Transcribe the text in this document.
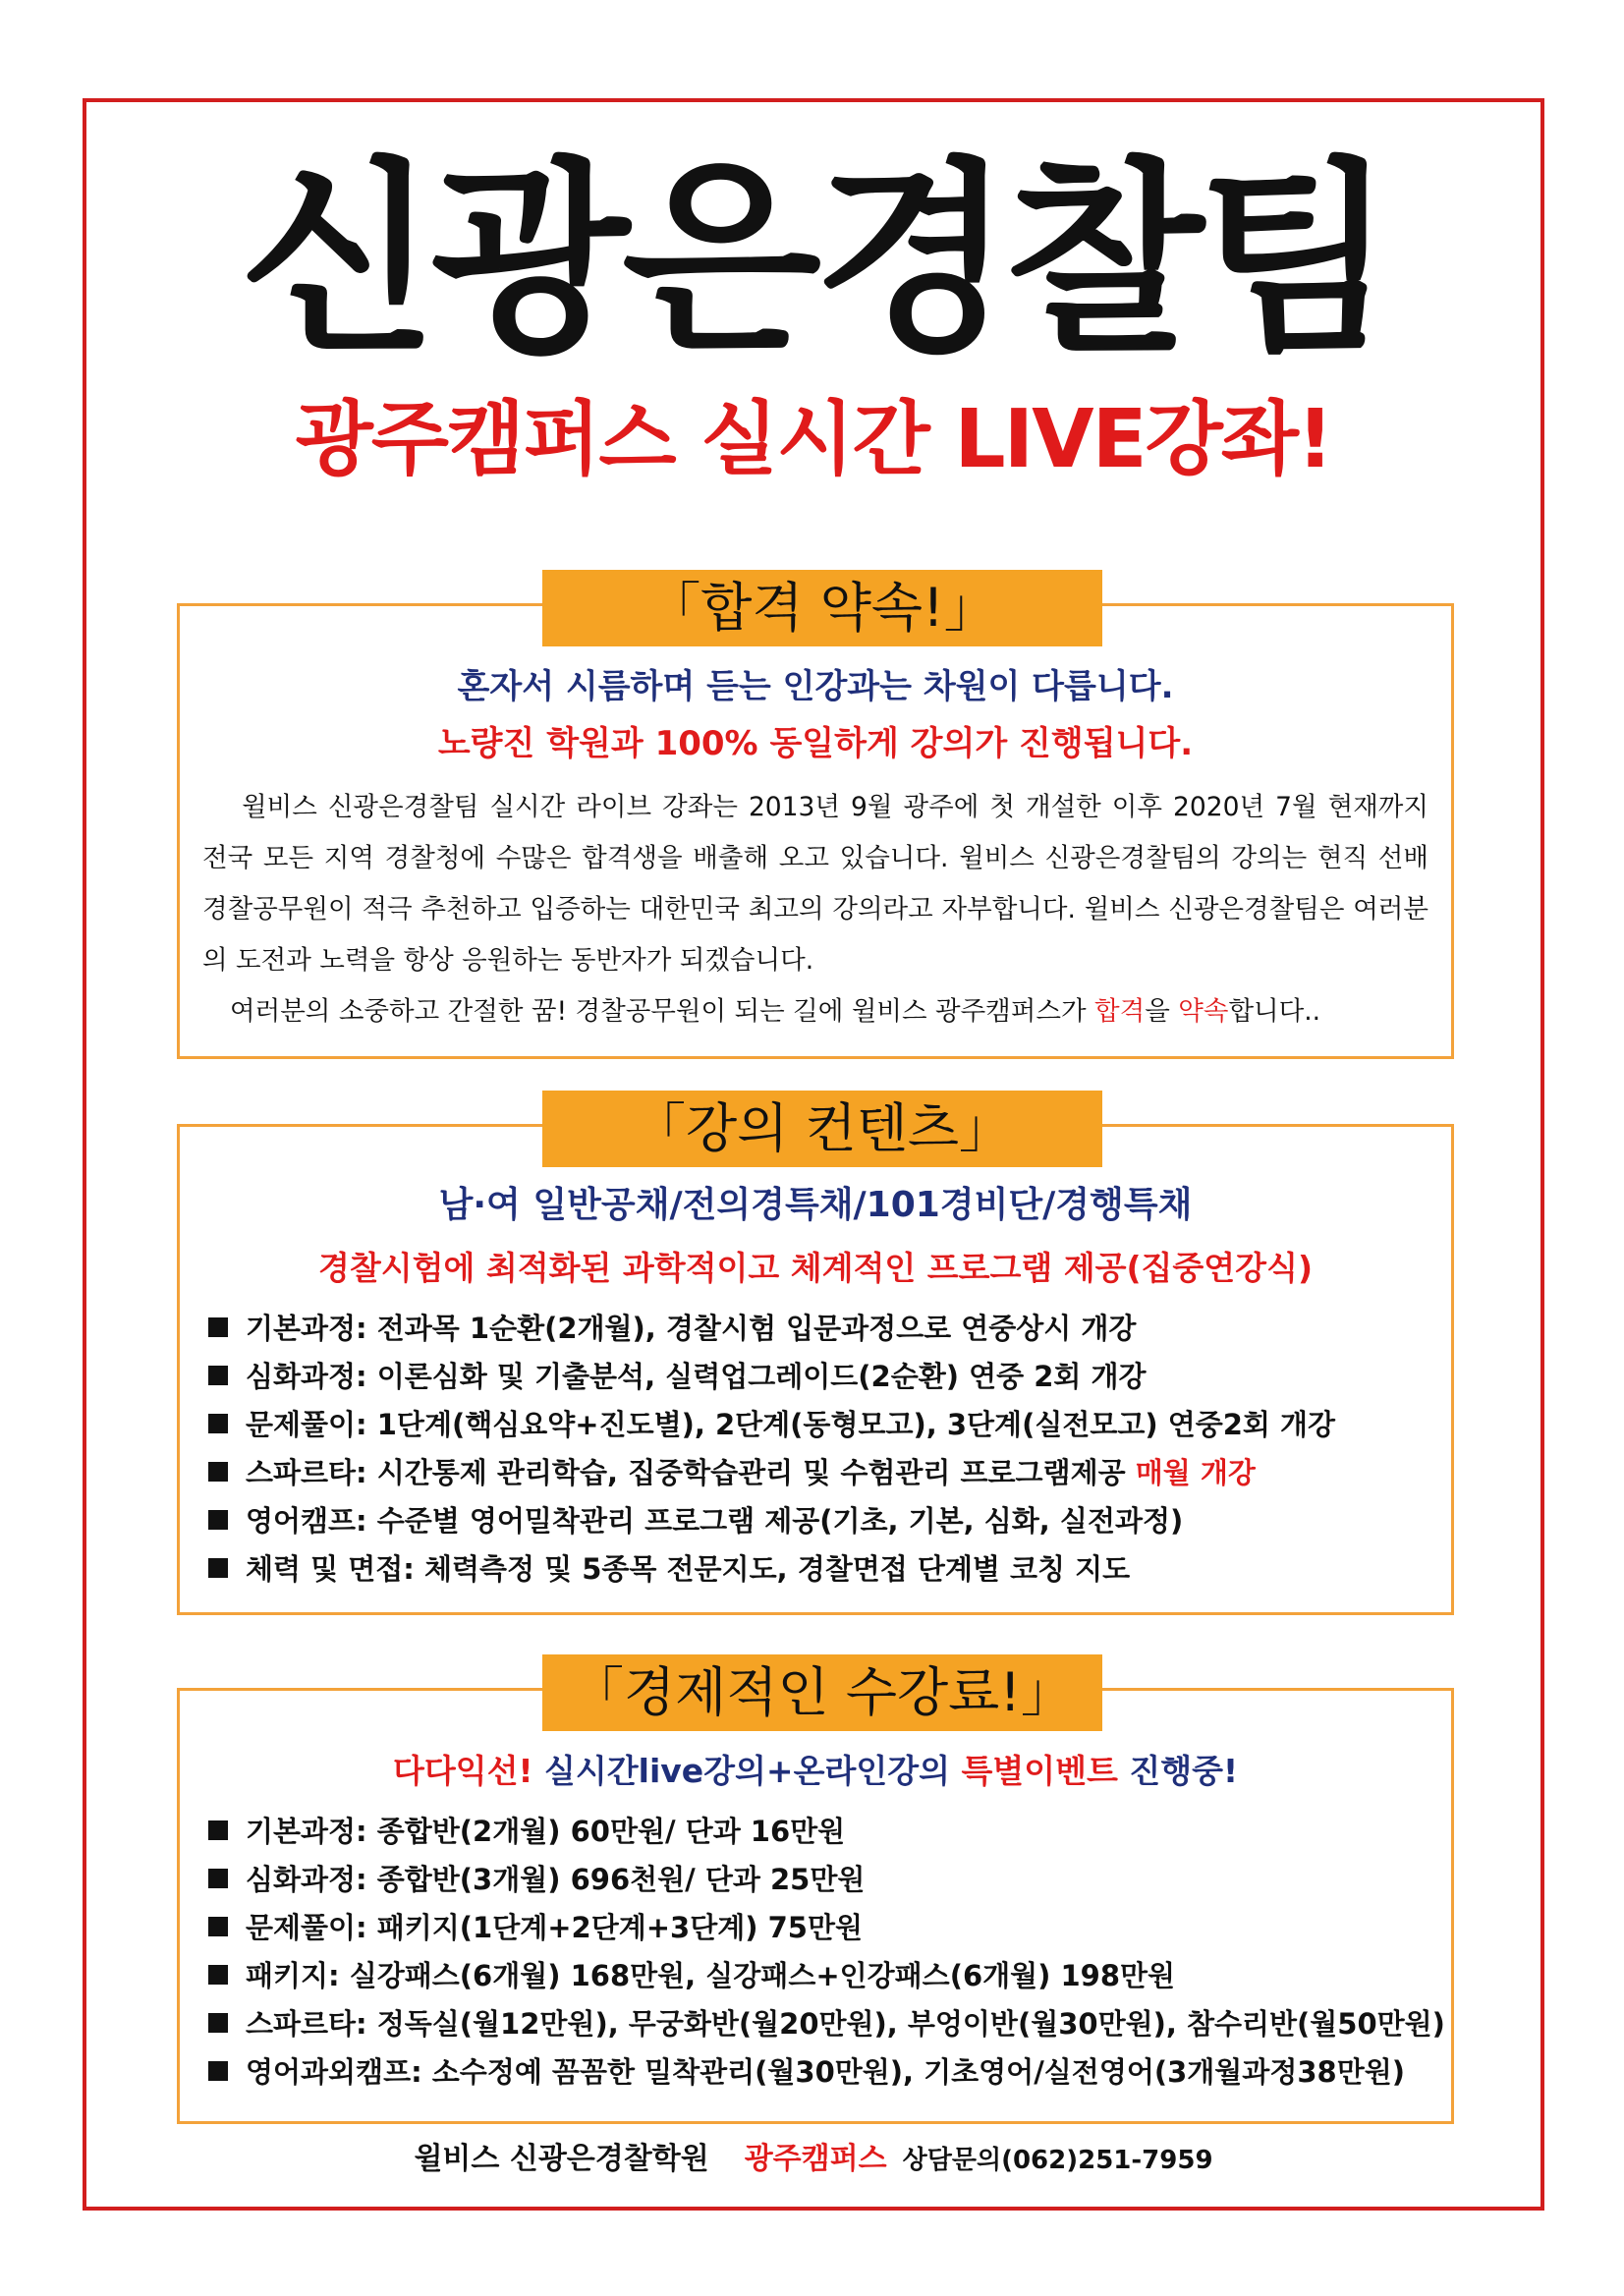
신광은경찰팀
광주캠퍼스 실시간 LIVE강좌!
「합격 약속!」

혼자서 시름하며 듣는 인강과는 차원이 다릅니다.

노량진 학원과 100% 동일하게 강의가 진행됩니다.

윌비스 신광은경찰팀 실시간 라이브 강좌는 2013년 9월 광주에 첫 개설한 이후 2020년 7월 현재까지 전국 모든 지역 경찰청에 수많은 합격생을 배출해 오고 있습니다. 윌비스 신광은경찰팀의 강의는 현직 선배 경찰공무원이 적극 추천하고 입증하는 대한민국 최고의 강의라고 자부합니다. 윌비스 신광은경찰팀은 여러분의 도전과 노력을 항상 응원하는 동반자가 되겠습니다.

여러분의 소중하고 간절한 꿈! 경찰공무원이 되는 길에 윌비스 광주캠퍼스가 합격을 약속합니다..

「강의 컨텐츠」

남·여 일반공채/전의경특채/101경비단/경행특채

경찰시험에 최적화된 과학적이고 체계적인 프로그램 제공(집중연강식)

기본과정: 전과목 1순환(2개월), 경찰시험 입문과정으로 연중상시 개강
심화과정: 이론심화 및 기출분석, 실력업그레이드(2순환) 연중 2회 개강
문제풀이: 1단계(핵심요약+진도별), 2단계(동형모고), 3단계(실전모고) 연중2회 개강
스파르타: 시간통제 관리학습, 집중학습관리 및 수험관리 프로그램제공 매월 개강
영어캠프: 수준별 영어밀착관리 프로그램 제공(기초, 기본, 심화, 실전과정)
체력 및 면접: 체력측정 및 5종목 전문지도, 경찰면접 단계별 코칭 지도
「경제적인 수강료!」

다다익선! 실시간live강의+온라인강의 특별이벤트 진행중!

기본과정: 종합반(2개월) 60만원/ 단과 16만원
심화과정: 종합반(3개월) 696천원/ 단과 25만원
문제풀이: 패키지(1단계+2단계+3단계) 75만원
패키지: 실강패스(6개월) 168만원, 실강패스+인강패스(6개월) 198만원
스파르타: 정독실(월12만원), 무궁화반(월20만원), 부엉이반(월30만원), 참수리반(월50만원)
영어과외캠프: 소수정예 꼼꼼한 밀착관리(월30만원), 기초영어/실전영어(3개월과정38만원)

윌비스 신광은경찰학원 광주캠퍼스 상담문의(062)251-7959
